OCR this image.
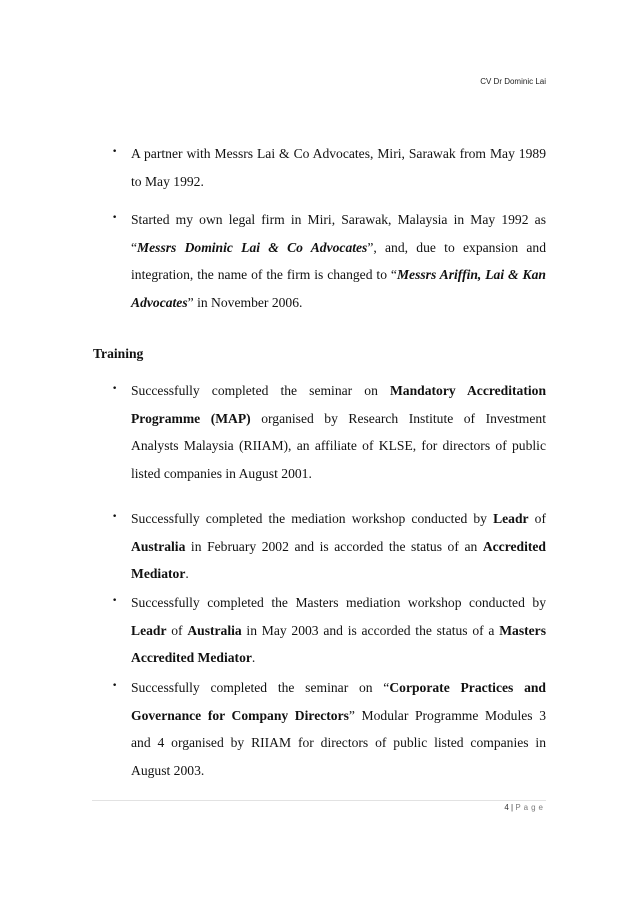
CV Dr Dominic Lai
• A partner with Messrs Lai & Co Advocates, Miri, Sarawak from May 1989 to May 1992.
• Started my own legal firm in Miri, Sarawak, Malaysia in May 1992 as “Messrs Dominic Lai & Co Advocates”, and, due to expansion and integration, the name of the firm is changed to “Messrs Ariffin, Lai & Kan Advocates” in November 2006.
Training
• Successfully completed the seminar on Mandatory Accreditation Programme (MAP) organised by Research Institute of Investment Analysts Malaysia (RIIAM), an affiliate of KLSE, for directors of public listed companies in August 2001.
• Successfully completed the mediation workshop conducted by Leadr of Australia in February 2002 and is accorded the status of an Accredited Mediator.
• Successfully completed the Masters mediation workshop conducted by Leadr of Australia in May 2003 and is accorded the status of a Masters Accredited Mediator.
• Successfully completed the seminar on “Corporate Practices and Governance for Company Directors” Modular Programme Modules 3 and 4 organised by RIIAM for directors of public listed companies in August 2003.
4 | Page
